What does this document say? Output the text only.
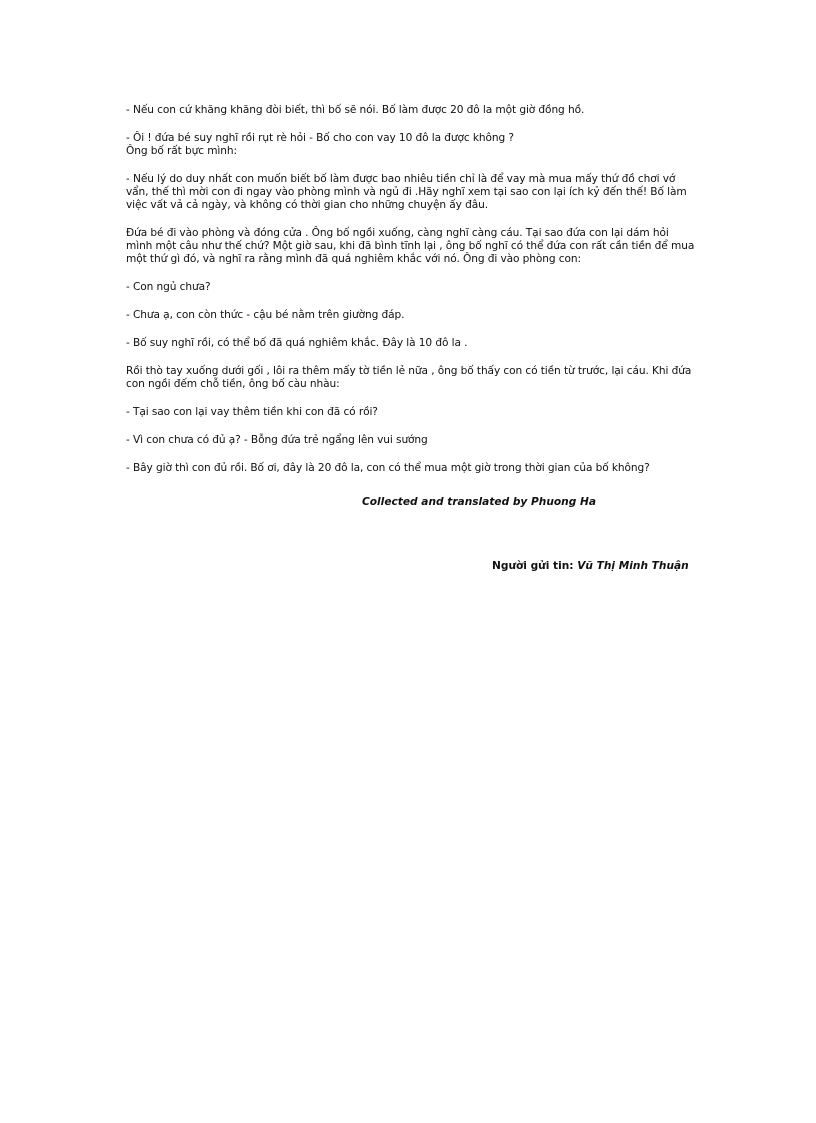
- Nếu con cứ khăng khăng đòi biết, thì bố sẽ nói. Bố làm được 20 đô la một giờ đồng hồ.

- Ôi ! đứa bé suy nghĩ rồi rụt rè hỏi - Bố cho con vay 10 đô la được không ?

Ông bố rất bực mình:

- Nếu lý do duy nhất con muốn biết bố làm được bao nhiêu tiền chỉ là để vay mà mua mấy thứ đồ chơi vớ vẩn, thế thì mời con đi ngay vào phòng mình và ngủ đi .Hãy nghĩ xem tại sao con lại ích kỷ đến thế! Bố làm việc vất vả cả ngày, và không có thời gian cho những chuyện ấy đâu.

Đứa bé đi vào phòng và đóng cửa . Ông bố ngồi xuống, càng nghĩ càng cáu. Tại sao đứa con lại dám hỏi mình một câu như thế chứ? Một giờ sau, khi đã bình tĩnh lại , ông bố nghĩ có thể đứa con rất cần tiền để mua một thứ gì đó, và nghĩ ra rằng mình đã quá nghiêm khắc với nó. Ông đi vào phòng con:

- Con ngủ chưa?

- Chưa ạ, con còn thức - cậu bé nằm trên giường đáp.

- Bố suy nghĩ rồi, có thể bố đã quá nghiêm khắc. Đây là 10 đô la .

Rồi thò tay xuống dưới gối , lôi ra thêm mấy tờ tiền lẻ nữa , ông bố thấy con có tiền từ trước, lại cáu. Khi đứa con ngồi đếm chỗ tiền, ông bố càu nhàu:

- Tại sao con lại vay thêm tiền khi con đã có rồi?

- Vì con chưa có đủ ạ? - Bỗng đứa trẻ ngẩng lên vui sướng

- Bây giờ thì con đủ rồi. Bố ơi, đây là 20 đô la, con có thể mua một giờ trong thời gian của bố không?

Collected and translated by Phuong Ha
Người gửi tin: Vũ Thị Minh Thuận
